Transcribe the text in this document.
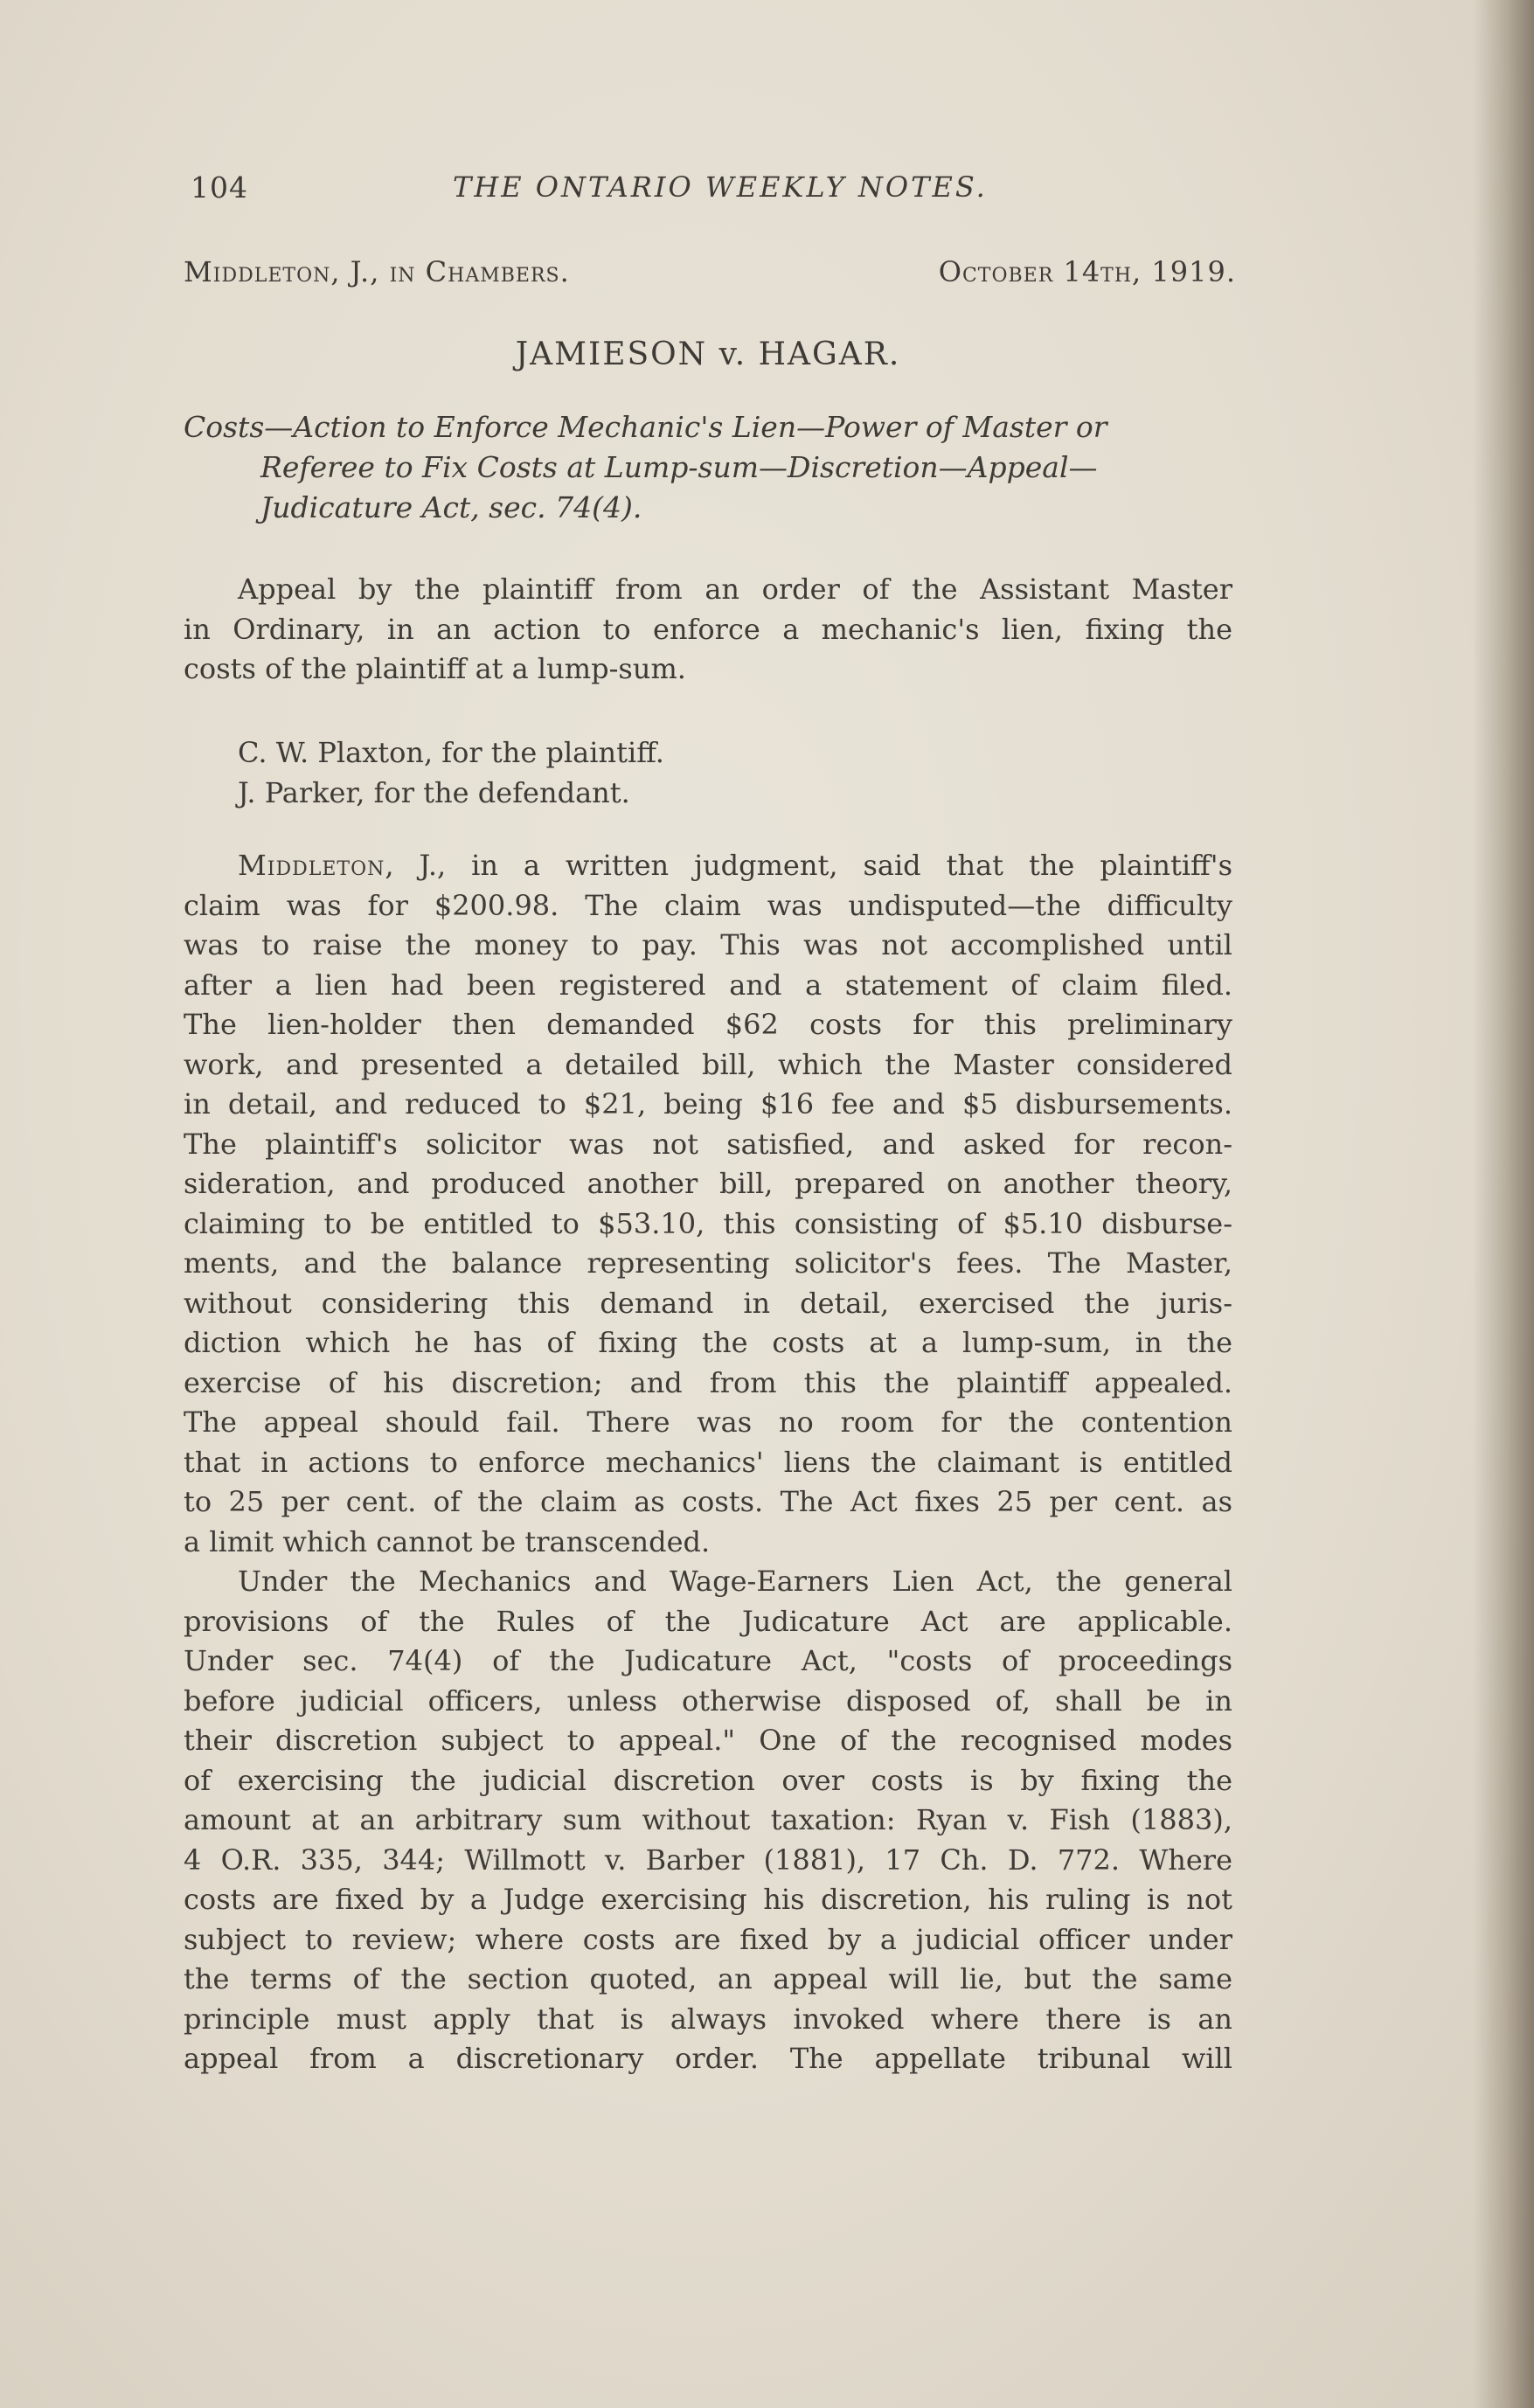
104	THE ONTARIO WEEKLY NOTES.
Middleton, J., in Chambers.	October 14th, 1919.
JAMIESON v. HAGAR.
Costs—Action to Enforce Mechanic's Lien—Power of Master or
Referee to Fix Costs at Lump-sum—Discretion—Appeal—
Judicature Act, sec. 74(4).
Appeal by the plaintiff from an order of the Assistant Master
in Ordinary, in an action to enforce a mechanic's lien, fixing the
costs of the plaintiff at a lump-sum.
C. W. Plaxton, for the plaintiff.
J. Parker, for the defendant.
Middleton, J., in a written judgment, said that the plaintiff's
claim was for $200.98. The claim was undisputed—the difficulty
was to raise the money to pay. This was not accomplished until
after a lien had been registered and a statement of claim filed.
The lien-holder then demanded $62 costs for this preliminary
work, and presented a detailed bill, which the Master considered
in detail, and reduced to $21, being $16 fee and $5 disbursements.
The plaintiff's solicitor was not satisfied, and asked for recon-
sideration, and produced another bill, prepared on another theory,
claiming to be entitled to $53.10, this consisting of $5.10 disburse-
ments, and the balance representing solicitor's fees. The Master,
without considering this demand in detail, exercised the juris-
diction which he has of fixing the costs at a lump-sum, in the
exercise of his discretion; and from this the plaintiff appealed.
The appeal should fail. There was no room for the contention
that in actions to enforce mechanics' liens the claimant is entitled
to 25 per cent. of the claim as costs. The Act fixes 25 per cent. as
a limit which cannot be transcended.
Under the Mechanics and Wage-Earners Lien Act, the general
provisions of the Rules of the Judicature Act are applicable.
Under sec. 74(4) of the Judicature Act, "costs of proceedings
before judicial officers, unless otherwise disposed of, shall be in
their discretion subject to appeal." One of the recognised modes
of exercising the judicial discretion over costs is by fixing the
amount at an arbitrary sum without taxation: Ryan v. Fish (1883),
4 O.R. 335, 344; Willmott v. Barber (1881), 17 Ch. D. 772. Where
costs are fixed by a Judge exercising his discretion, his ruling is not
subject to review; where costs are fixed by a judicial officer under
the terms of the section quoted, an appeal will lie, but the same
principle must apply that is always invoked where there is an
appeal from a discretionary order. The appellate tribunal will
